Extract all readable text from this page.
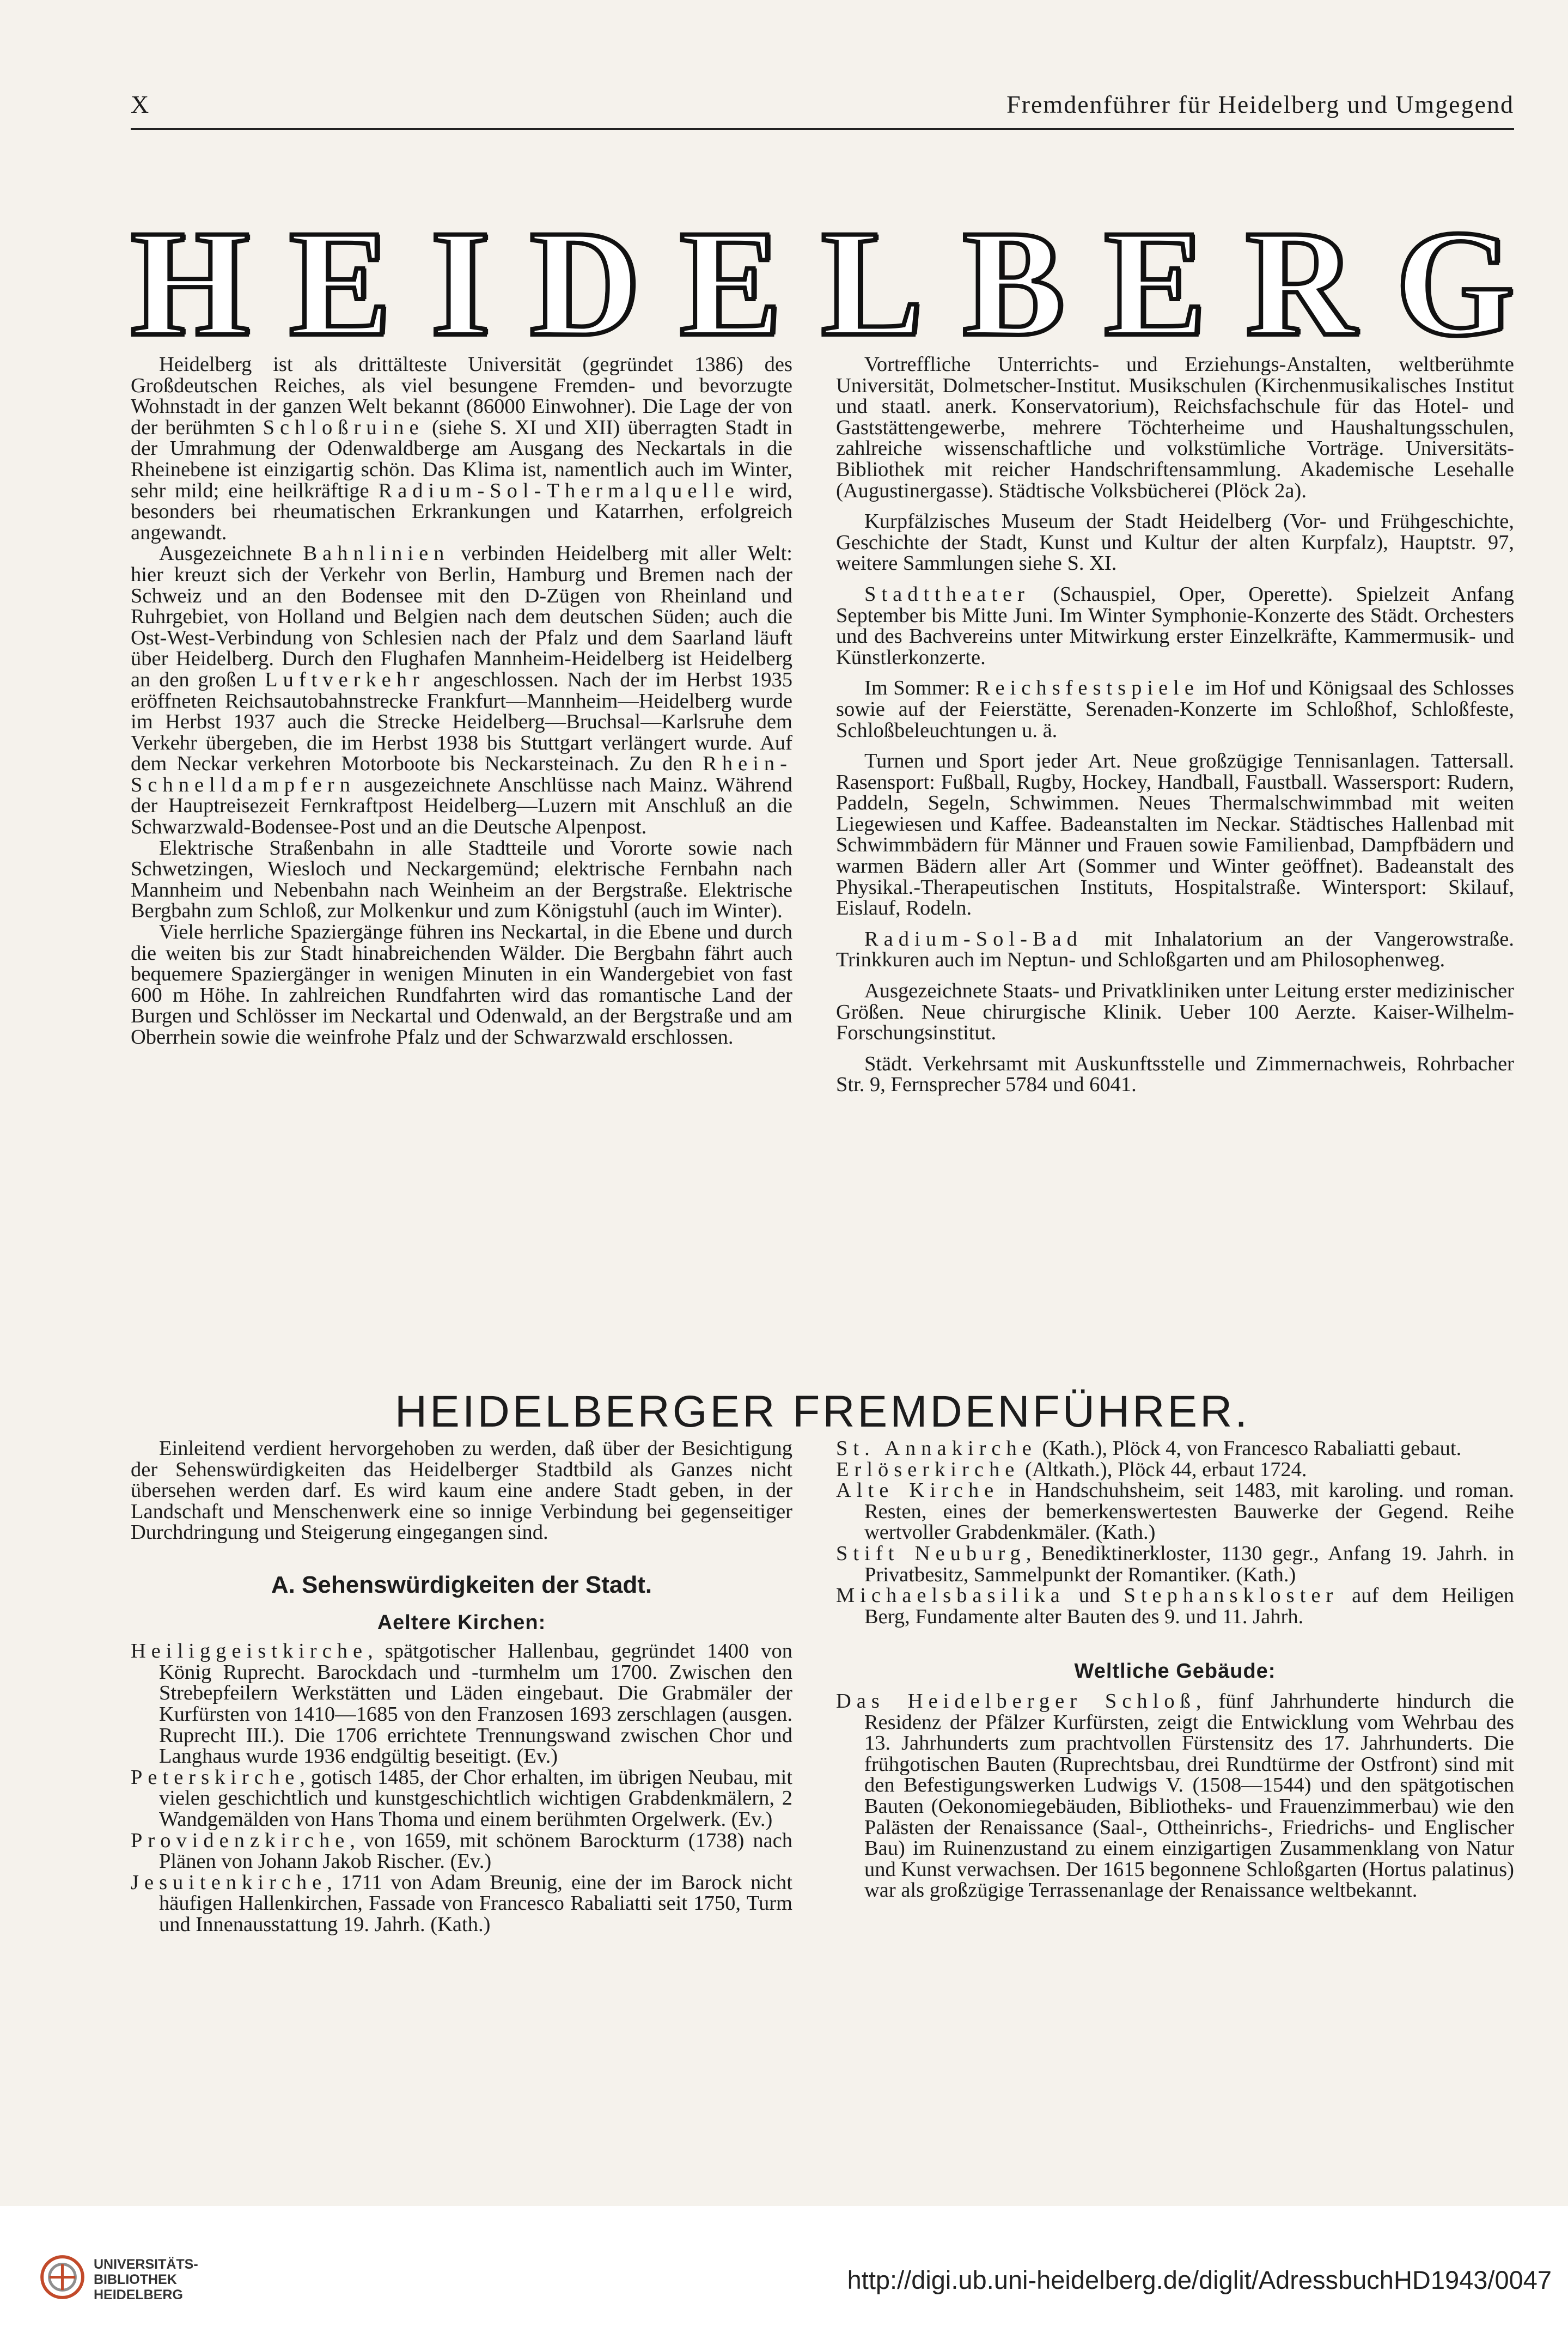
X	Fremdenführer für Heidelberg und Umgegend
H E I D E L B E R G

Heidelberg ist als drittälteste Universität (gegründet 1386) des Großdeutschen Reiches, als viel besungene Fremden- und bevorzugte Wohnstadt in der ganzen Welt bekannt (86000 Einwohner). Die Lage der von der berühmten Schloßruine (siehe S. XI und XII) überragten Stadt in der Umrahmung der Odenwaldberge am Ausgang des Neckartals in die Rheinebene ist einzigartig schön. Das Klima ist, namentlich auch im Winter, sehr mild; eine heilkräftige Radium-Sol-Thermalquelle wird, besonders bei rheumatischen Erkrankungen und Katarrhen, erfolgreich angewandt.

Ausgezeichnete Bahnlinien verbinden Heidelberg mit aller Welt: hier kreuzt sich der Verkehr von Berlin, Hamburg und Bremen nach der Schweiz und an den Bodensee mit den D-Zügen von Rheinland und Ruhrgebiet, von Holland und Belgien nach dem deutschen Süden; auch die Ost-West-Verbindung von Schlesien nach der Pfalz und dem Saarland läuft über Heidelberg. Durch den Flughafen Mannheim-Heidelberg ist Heidelberg an den großen Luftverkehr angeschlossen. Nach der im Herbst 1935 eröffneten Reichsautobahnstrecke Frankfurt—Mannheim—Heidelberg wurde im Herbst 1937 auch die Strecke Heidelberg—Bruchsal—Karlsruhe dem Verkehr übergeben, die im Herbst 1938 bis Stuttgart verlängert wurde. Auf dem Neckar verkehren Motorboote bis Neckarsteinach. Zu den Rhein-Schnelldampfern ausgezeichnete Anschlüsse nach Mainz. Während der Hauptreisezeit Fernkraftpost Heidelberg—Luzern mit Anschluß an die Schwarzwald-Bodensee-Post und an die Deutsche Alpenpost.

Elektrische Straßenbahn in alle Stadtteile und Vororte sowie nach Schwetzingen, Wiesloch und Neckargemünd; elektrische Fernbahn nach Mannheim und Nebenbahn nach Weinheim an der Bergstraße. Elektrische Bergbahn zum Schloß, zur Molkenkur und zum Königstuhl (auch im Winter).

Viele herrliche Spaziergänge führen ins Neckartal, in die Ebene und durch die weiten bis zur Stadt hinabreichenden Wälder. Die Bergbahn fährt auch bequemere Spaziergänger in wenigen Minuten in ein Wandergebiet von fast 600 m Höhe. In zahlreichen Rundfahrten wird das romantische Land der Burgen und Schlösser im Neckartal und Odenwald, an der Bergstraße und am Oberrhein sowie die weinfrohe Pfalz und der Schwarzwald erschlossen.

Vortreffliche Unterrichts- und Erziehungs-Anstalten, weltberühmte Universität, Dolmetscher-Institut. Musikschulen (Kirchenmusikalisches Institut und staatl. anerk. Konservatorium), Reichsfachschule für das Hotel- und Gaststättengewerbe, mehrere Töchterheime und Haushaltungsschulen, zahlreiche wissenschaftliche und volkstümliche Vorträge. Universitäts-Bibliothek mit reicher Handschriftensammlung. Akademische Lesehalle (Augustinergasse). Städtische Volksbücherei (Plöck 2a).

Kurpfälzisches Museum der Stadt Heidelberg (Vor- und Frühgeschichte, Geschichte der Stadt, Kunst und Kultur der alten Kurpfalz), Hauptstr. 97, weitere Sammlungen siehe S. XI.

Stadttheater (Schauspiel, Oper, Operette). Spielzeit Anfang September bis Mitte Juni. Im Winter Symphonie-Konzerte des Städt. Orchesters und des Bachvereins unter Mitwirkung erster Einzelkräfte, Kammermusik- und Künstlerkonzerte.

Im Sommer: Reichsfestspiele im Hof und Königsaal des Schlosses sowie auf der Feierstätte, Serenaden-Konzerte im Schloßhof, Schloßfeste, Schloßbeleuchtungen u. ä.

Turnen und Sport jeder Art. Neue großzügige Tennisanlagen. Tattersall. Rasensport: Fußball, Rugby, Hockey, Handball, Faustball. Wassersport: Rudern, Paddeln, Segeln, Schwimmen. Neues Thermalschwimmbad mit weiten Liegewiesen und Kaffee. Badeanstalten im Neckar. Städtisches Hallenbad mit Schwimmbädern für Männer und Frauen sowie Familienbad, Dampfbädern und warmen Bädern aller Art (Sommer und Winter geöffnet). Badeanstalt des Physikal.-Therapeutischen Instituts, Hospitalstraße. Wintersport: Skilauf, Eislauf, Rodeln.

Radium-Sol-Bad mit Inhalatorium an der Vangerowstraße. Trinkkuren auch im Neptun- und Schloßgarten und am Philosophenweg.

Ausgezeichnete Staats- und Privatkliniken unter Leitung erster medizinischer Größen. Neue chirurgische Klinik. Ueber 100 Aerzte. Kaiser-Wilhelm-Forschungsinstitut.

Städt. Verkehrsamt mit Auskunftsstelle und Zimmernachweis, Rohrbacher Str. 9, Fernsprecher 5784 und 6041.

HEIDELBERGER FREMDENFÜHRER.

Einleitend verdient hervorgehoben zu werden, daß über der Besichtigung der Sehenswürdigkeiten das Heidelberger Stadtbild als Ganzes nicht übersehen werden darf. Es wird kaum eine andere Stadt geben, in der Landschaft und Menschenwerk eine so innige Verbindung bei gegenseitiger Durchdringung und Steigerung eingegangen sind.

A. Sehenswürdigkeiten der Stadt.
Aeltere Kirchen:

Heiliggeistkirche, spätgotischer Hallenbau, gegründet 1400 von König Ruprecht. Barockdach und -turmhelm um 1700. Zwischen den Strebepfeilern Werkstätten und Läden eingebaut. Die Grabmäler der Kurfürsten von 1410—1685 von den Franzosen 1693 zerschlagen (ausgen. Ruprecht III.). Die 1706 errichtete Trennungswand zwischen Chor und Langhaus wurde 1936 endgültig beseitigt. (Ev.)

Peterskirche, gotisch 1485, der Chor erhalten, im übrigen Neubau, mit vielen geschichtlich und kunstgeschichtlich wichtigen Grabdenkmälern, 2 Wandgemälden von Hans Thoma und einem berühmten Orgelwerk. (Ev.)

Providenzkirche, von 1659, mit schönem Barockturm (1738) nach Plänen von Johann Jakob Rischer. (Ev.)

Jesuitenkirche, 1711 von Adam Breunig, eine der im Barock nicht häufigen Hallenkirchen, Fassade von Francesco Rabaliatti seit 1750, Turm und Innenausstattung 19. Jahrh. (Kath.)

St. Annakirche (Kath.), Plöck 4, von Francesco Rabaliatti gebaut.

Erlöserkirche (Altkath.), Plöck 44, erbaut 1724.

Alte Kirche in Handschuhsheim, seit 1483, mit karoling. und roman. Resten, eines der bemerkenswertesten Bauwerke der Gegend. Reihe wertvoller Grabdenkmäler. (Kath.)

Stift Neuburg, Benediktinerkloster, 1130 gegr., Anfang 19. Jahrh. in Privatbesitz, Sammelpunkt der Romantiker. (Kath.)

Michaelsbasilika und Stephanskloster auf dem Heiligen Berg, Fundamente alter Bauten des 9. und 11. Jahrh.

Weltliche Gebäude:

Das Heidelberger Schloß, fünf Jahrhunderte hindurch die Residenz der Pfälzer Kurfürsten, zeigt die Entwicklung vom Wehrbau des 13. Jahrhunderts zum prachtvollen Fürstensitz des 17. Jahrhunderts. Die frühgotischen Bauten (Ruprechtsbau, drei Rundtürme der Ostfront) sind mit den Befestigungswerken Ludwigs V. (1508—1544) und den spätgotischen Bauten (Oekonomiegebäuden, Bibliotheks- und Frauenzimmerbau) wie den Palästen der Renaissance (Saal-, Ottheinrichs-, Friedrichs- und Englischer Bau) im Ruinenzustand zu einem einzigartigen Zusammenklang von Natur und Kunst verwachsen. Der 1615 begonnene Schloßgarten (Hortus palatinus) war als großzügige Terrassenanlage der Renaissance weltbekannt.

UNIVERSITÄTS-
BIBLIOTHEK
HEIDELBERG
http://digi.ub.uni-heidelberg.de/diglit/AdressbuchHD1943/0047
